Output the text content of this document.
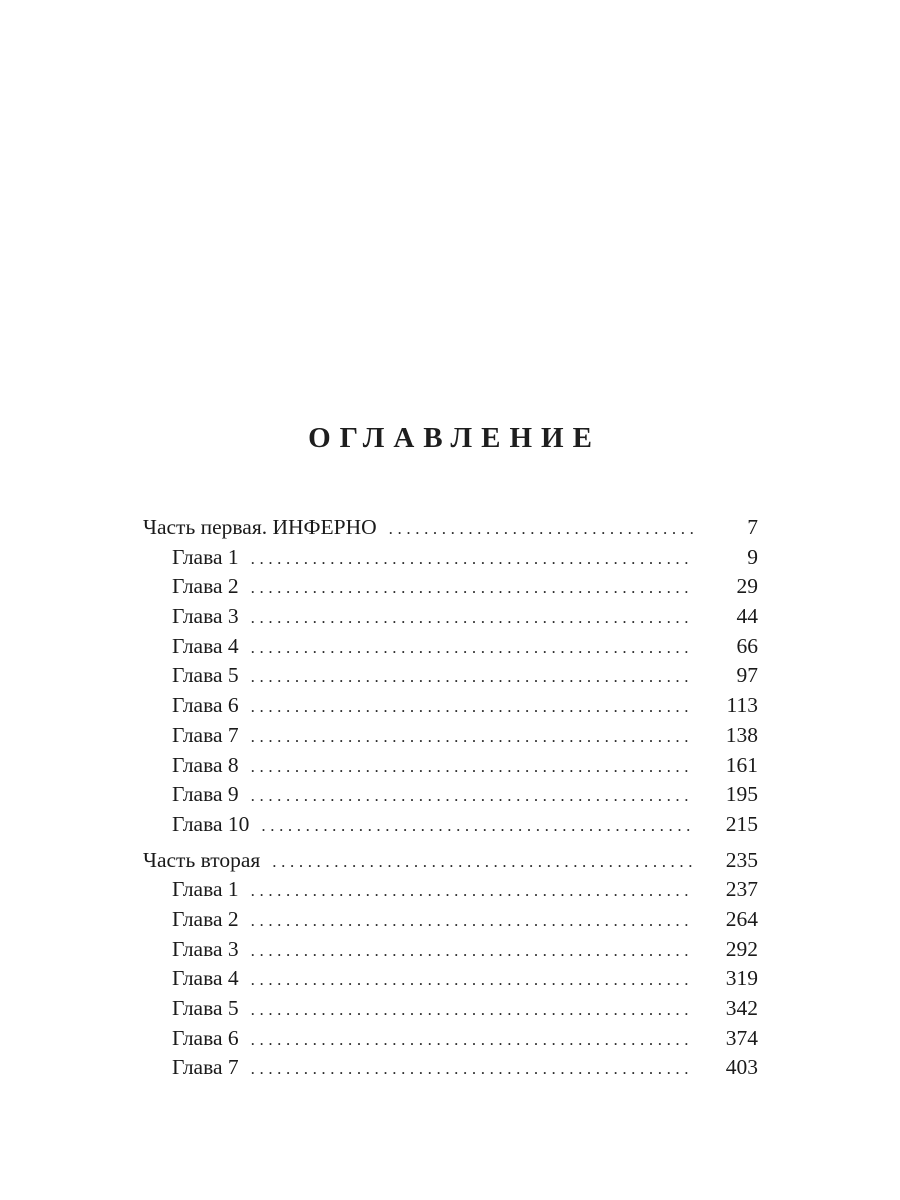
ОГЛАВЛЕНИЕ
Часть первая. ИНФЕРНО .....	7
Глава 1 .....	9
Глава 2 .....	29
Глава 3 .....	44
Глава 4 .....	66
Глава 5 .....	97
Глава 6 .....	113
Глава 7 .....	138
Глава 8 .....	161
Глава 9 .....	195
Глава 10 .....	215
Часть вторая .....	235
Глава 1 .....	237
Глава 2 .....	264
Глава 3 .....	292
Глава 4 .....	319
Глава 5 .....	342
Глава 6 .....	374
Глава 7 .....	403
